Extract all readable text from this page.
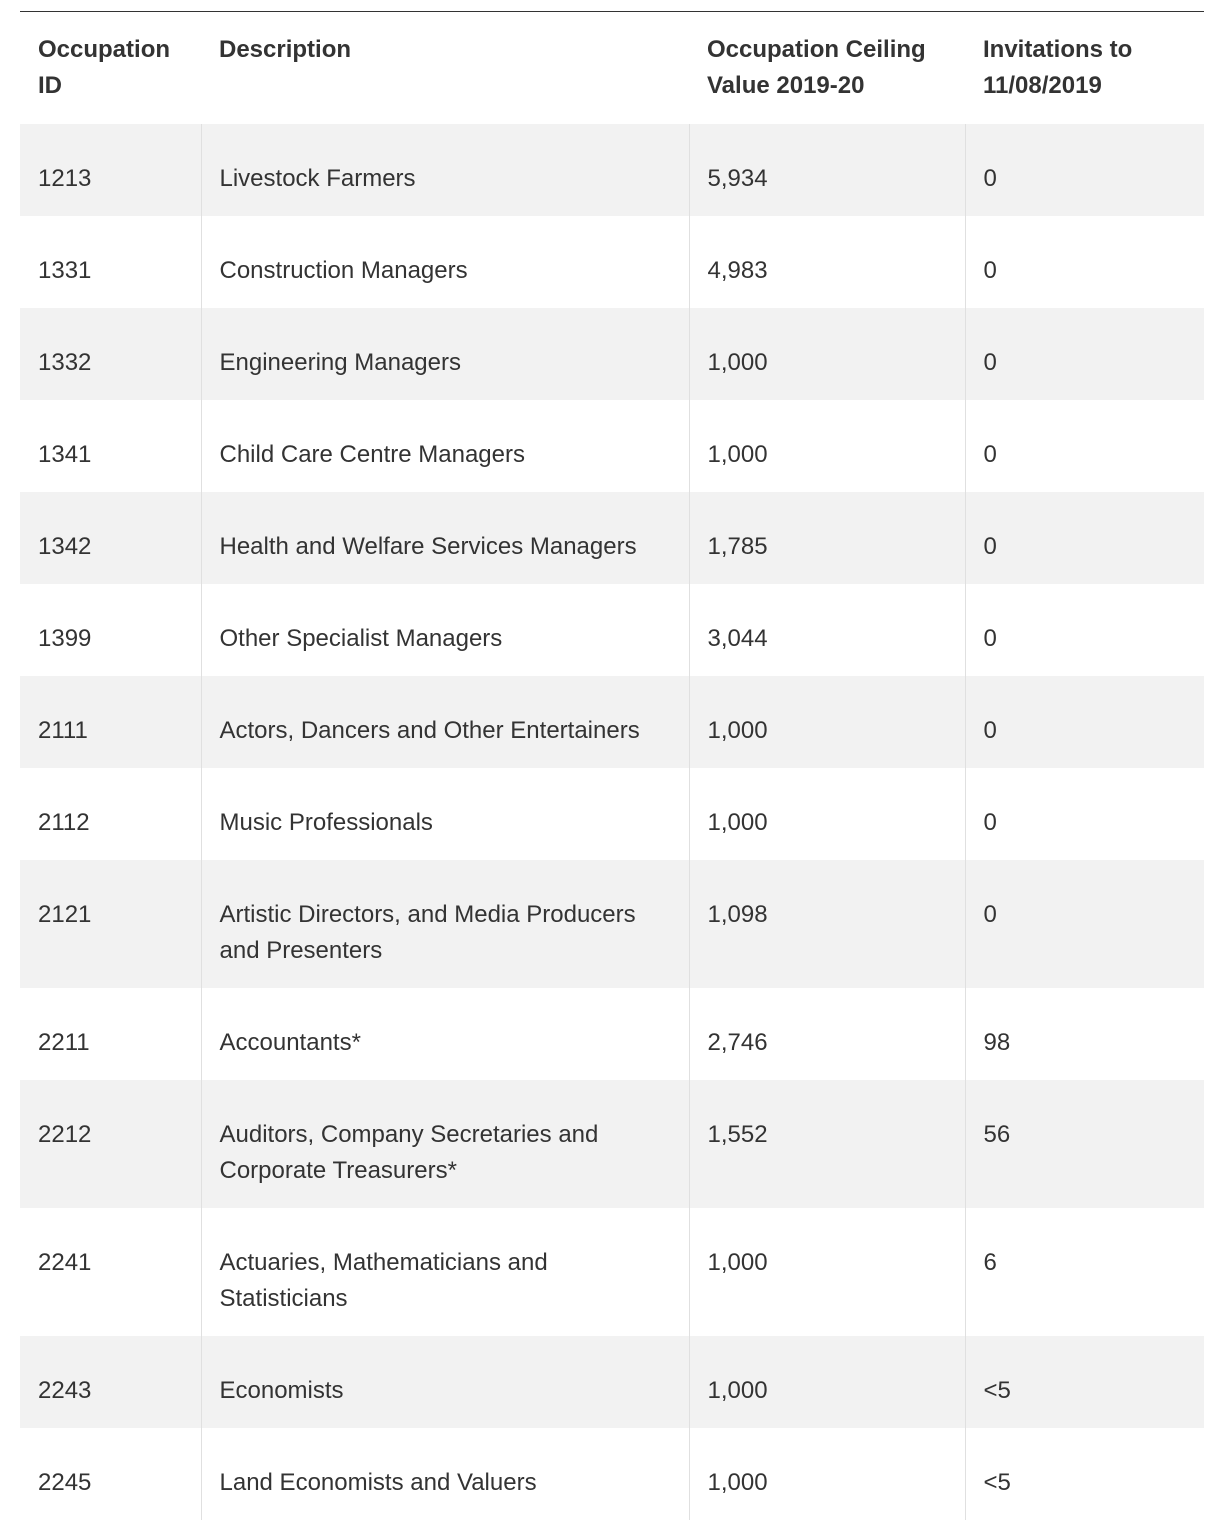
Occupation ID	Description	Occupation Ceiling Value 2019-20	Invitations to 11/08/2019
1213	Livestock Farmers	5,934	0
1331	Construction Managers	4,983	0
1332	Engineering Managers	1,000	0
1341	Child Care Centre Managers	1,000	0
1342	Health and Welfare Services Managers	1,785	0
1399	Other Specialist Managers	3,044	0
2111	Actors, Dancers and Other Entertainers	1,000	0
2112	Music Professionals	1,000	0
2121	Artistic Directors, and Media Producers and Presenters	1,098	0
2211	Accountants*	2,746	98
2212	Auditors, Company Secretaries and Corporate Treasurers*	1,552	56
2241	Actuaries, Mathematicians and Statisticians	1,000	6
2243	Economists	1,000	<5
2245	Land Economists and Valuers	1,000	<5
